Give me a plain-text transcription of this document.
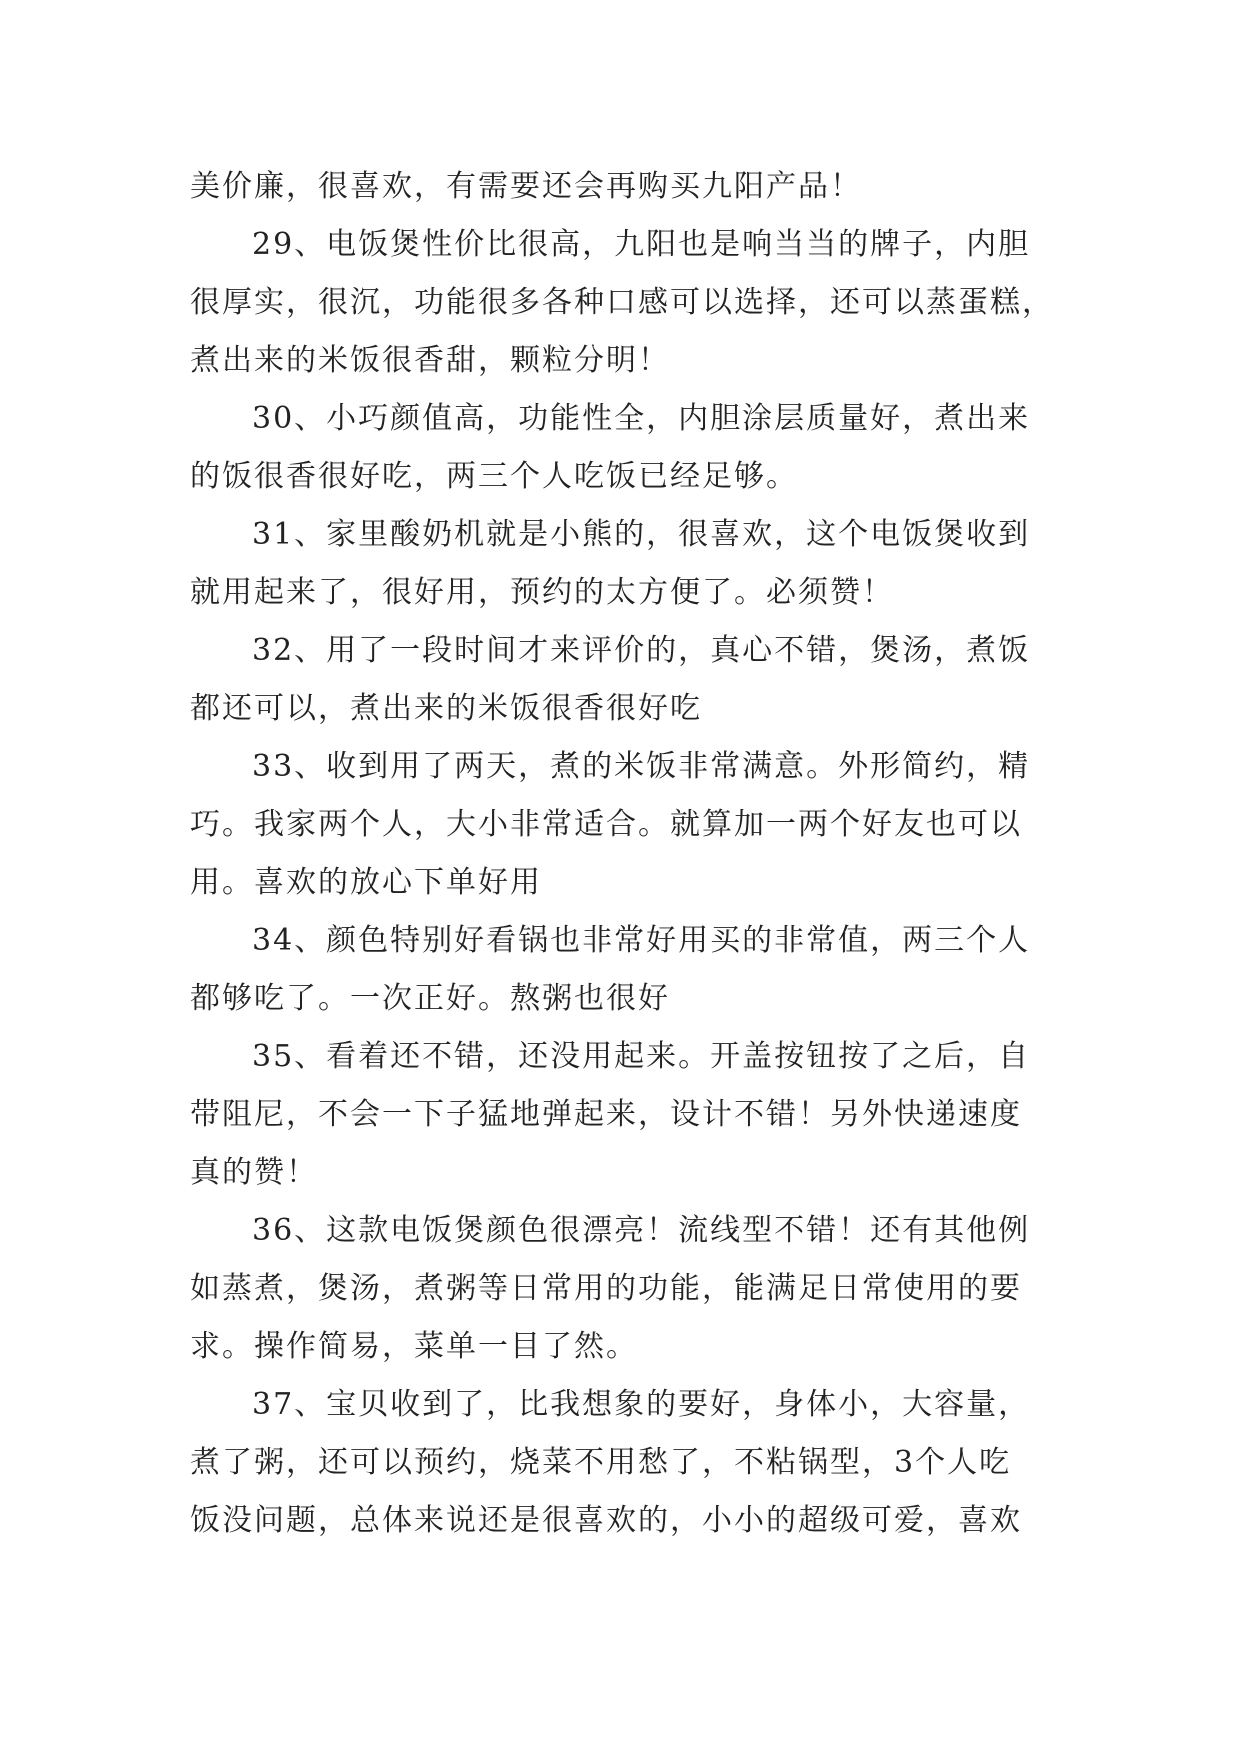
美价廉，很喜欢，有需要还会再购买九阳产品！

29、电饭煲性价比很高，九阳也是响当当的牌子，内胆
很厚实，很沉，功能很多各种口感可以选择，还可以蒸蛋糕，
煮出来的米饭很香甜，颗粒分明！

30、小巧颜值高，功能性全，内胆涂层质量好，煮出来
的饭很香很好吃，两三个人吃饭已经足够。

31、家里酸奶机就是小熊的，很喜欢，这个电饭煲收到
就用起来了，很好用，预约的太方便了。必须赞！

32、用了一段时间才来评价的，真心不错，煲汤，煮饭
都还可以，煮出来的米饭很香很好吃

33、收到用了两天，煮的米饭非常满意。外形简约，精
巧。我家两个人，大小非常适合。就算加一两个好友也可以
用。喜欢的放心下单好用

34、颜色特别好看锅也非常好用买的非常值，两三个人
都够吃了。一次正好。熬粥也很好

35、看着还不错，还没用起来。开盖按钮按了之后，自
带阻尼，不会一下子猛地弹起来，设计不错！另外快递速度
真的赞！

36、这款电饭煲颜色很漂亮！流线型不错！还有其他例
如蒸煮，煲汤，煮粥等日常用的功能，能满足日常使用的要
求。操作简易，菜单一目了然。

37、宝贝收到了，比我想象的要好，身体小，大容量，
煮了粥，还可以预约，烧菜不用愁了，不粘锅型，3个人吃
饭没问题，总体来说还是很喜欢的，小小的超级可爱，喜欢
